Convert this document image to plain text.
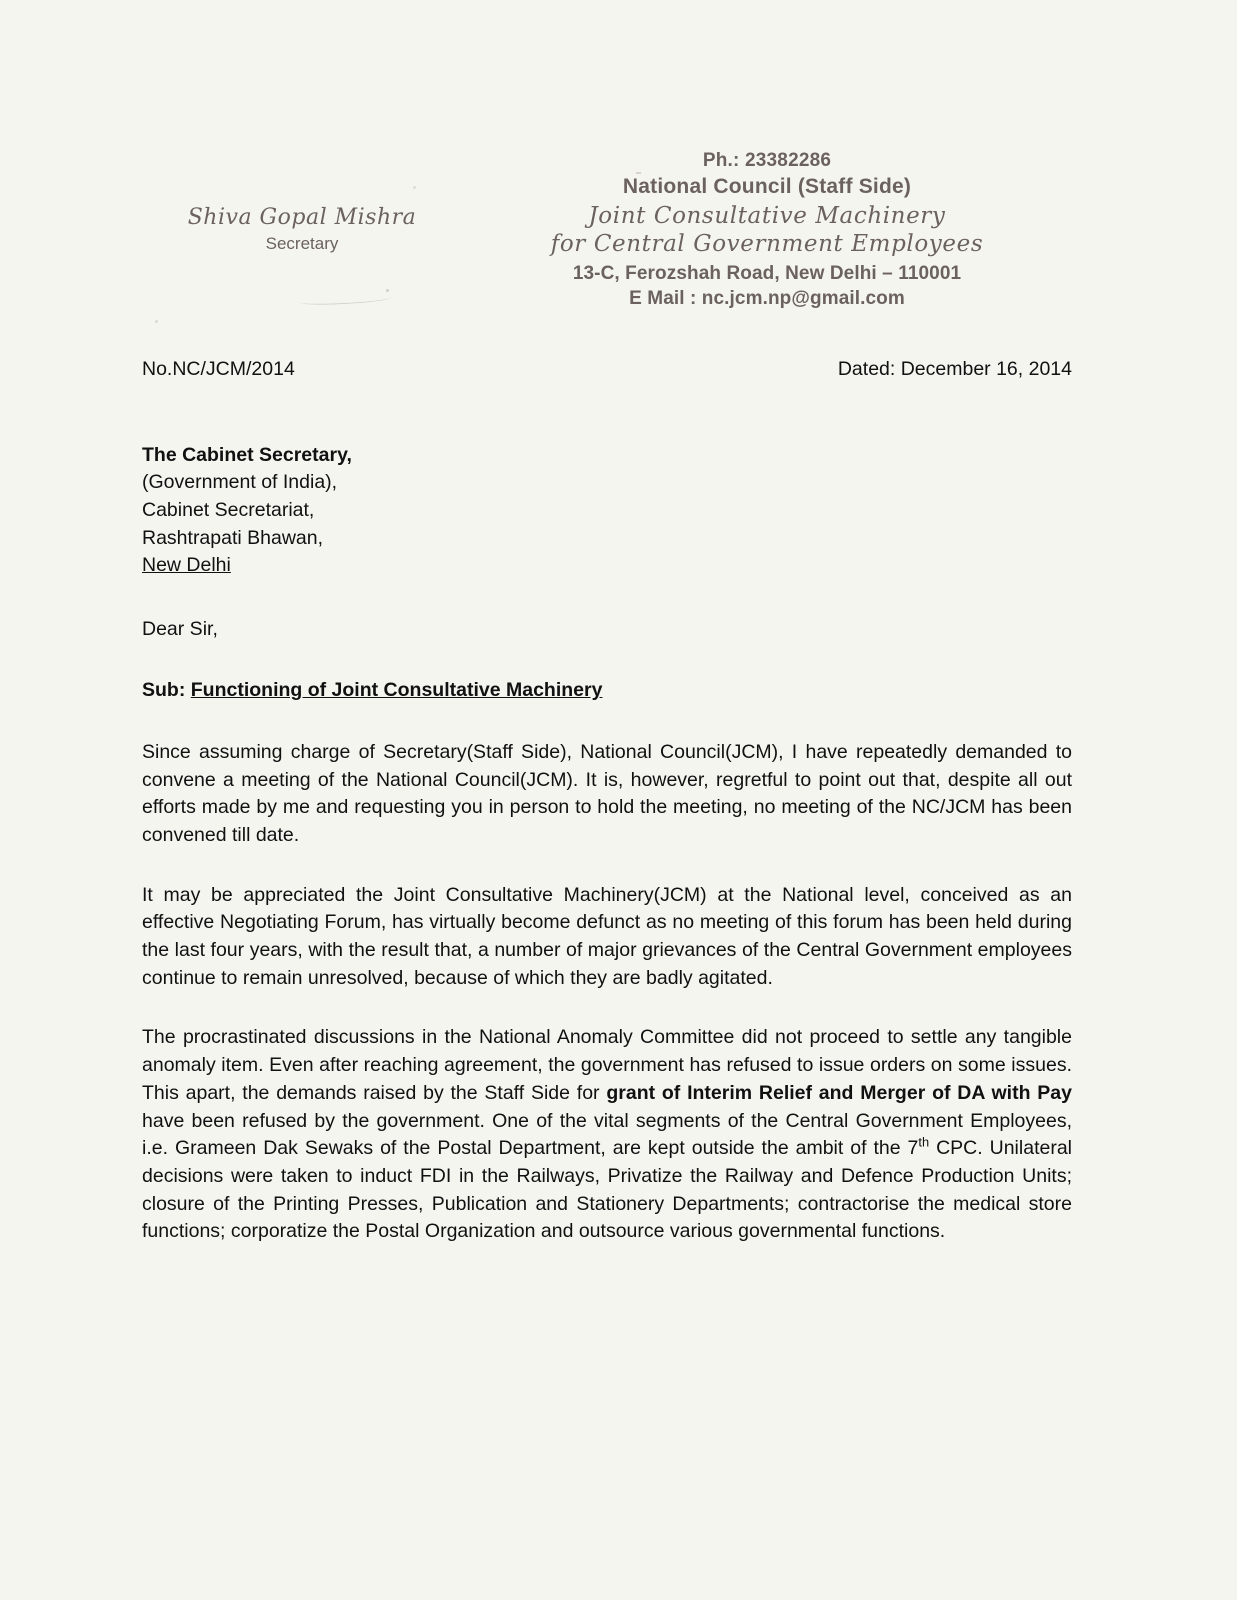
Shiva Gopal Mishra
Secretary
Ph.: 23382286
National Council (Staff Side)
Joint Consultative Machinery
for Central Government Employees
13-C, Ferozshah Road, New Delhi – 110001
E Mail : nc.jcm.np@gmail.com
No.NC/JCM/2014	Dated: December 16, 2014
The Cabinet Secretary,
(Government of India),
Cabinet Secretariat,
Rashtrapati Bhawan,
New Delhi
Dear Sir,
Sub: Functioning of Joint Consultative Machinery
Since assuming charge of Secretary(Staff Side), National Council(JCM), I have repeatedly demanded to convene a meeting of the National Council(JCM). It is, however, regretful to point out that, despite all out efforts made by me and requesting you in person to hold the meeting, no meeting of the NC/JCM has been convened till date.
It may be appreciated the Joint Consultative Machinery(JCM) at the National level, conceived as an effective Negotiating Forum, has virtually become defunct as no meeting of this forum has been held during the last four years, with the result that, a number of major grievances of the Central Government employees continue to remain unresolved, because of which they are badly agitated.
The procrastinated discussions in the National Anomaly Committee did not proceed to settle any tangible anomaly item. Even after reaching agreement, the government has refused to issue orders on some issues. This apart, the demands raised by the Staff Side for grant of Interim Relief and Merger of DA with Pay have been refused by the government. One of the vital segments of the Central Government Employees, i.e. Grameen Dak Sewaks of the Postal Department, are kept outside the ambit of the 7th CPC. Unilateral decisions were taken to induct FDI in the Railways, Privatize the Railway and Defence Production Units; closure of the Printing Presses, Publication and Stationery Departments; contractorise the medical store functions; corporatize the Postal Organization and outsource various governmental functions.
